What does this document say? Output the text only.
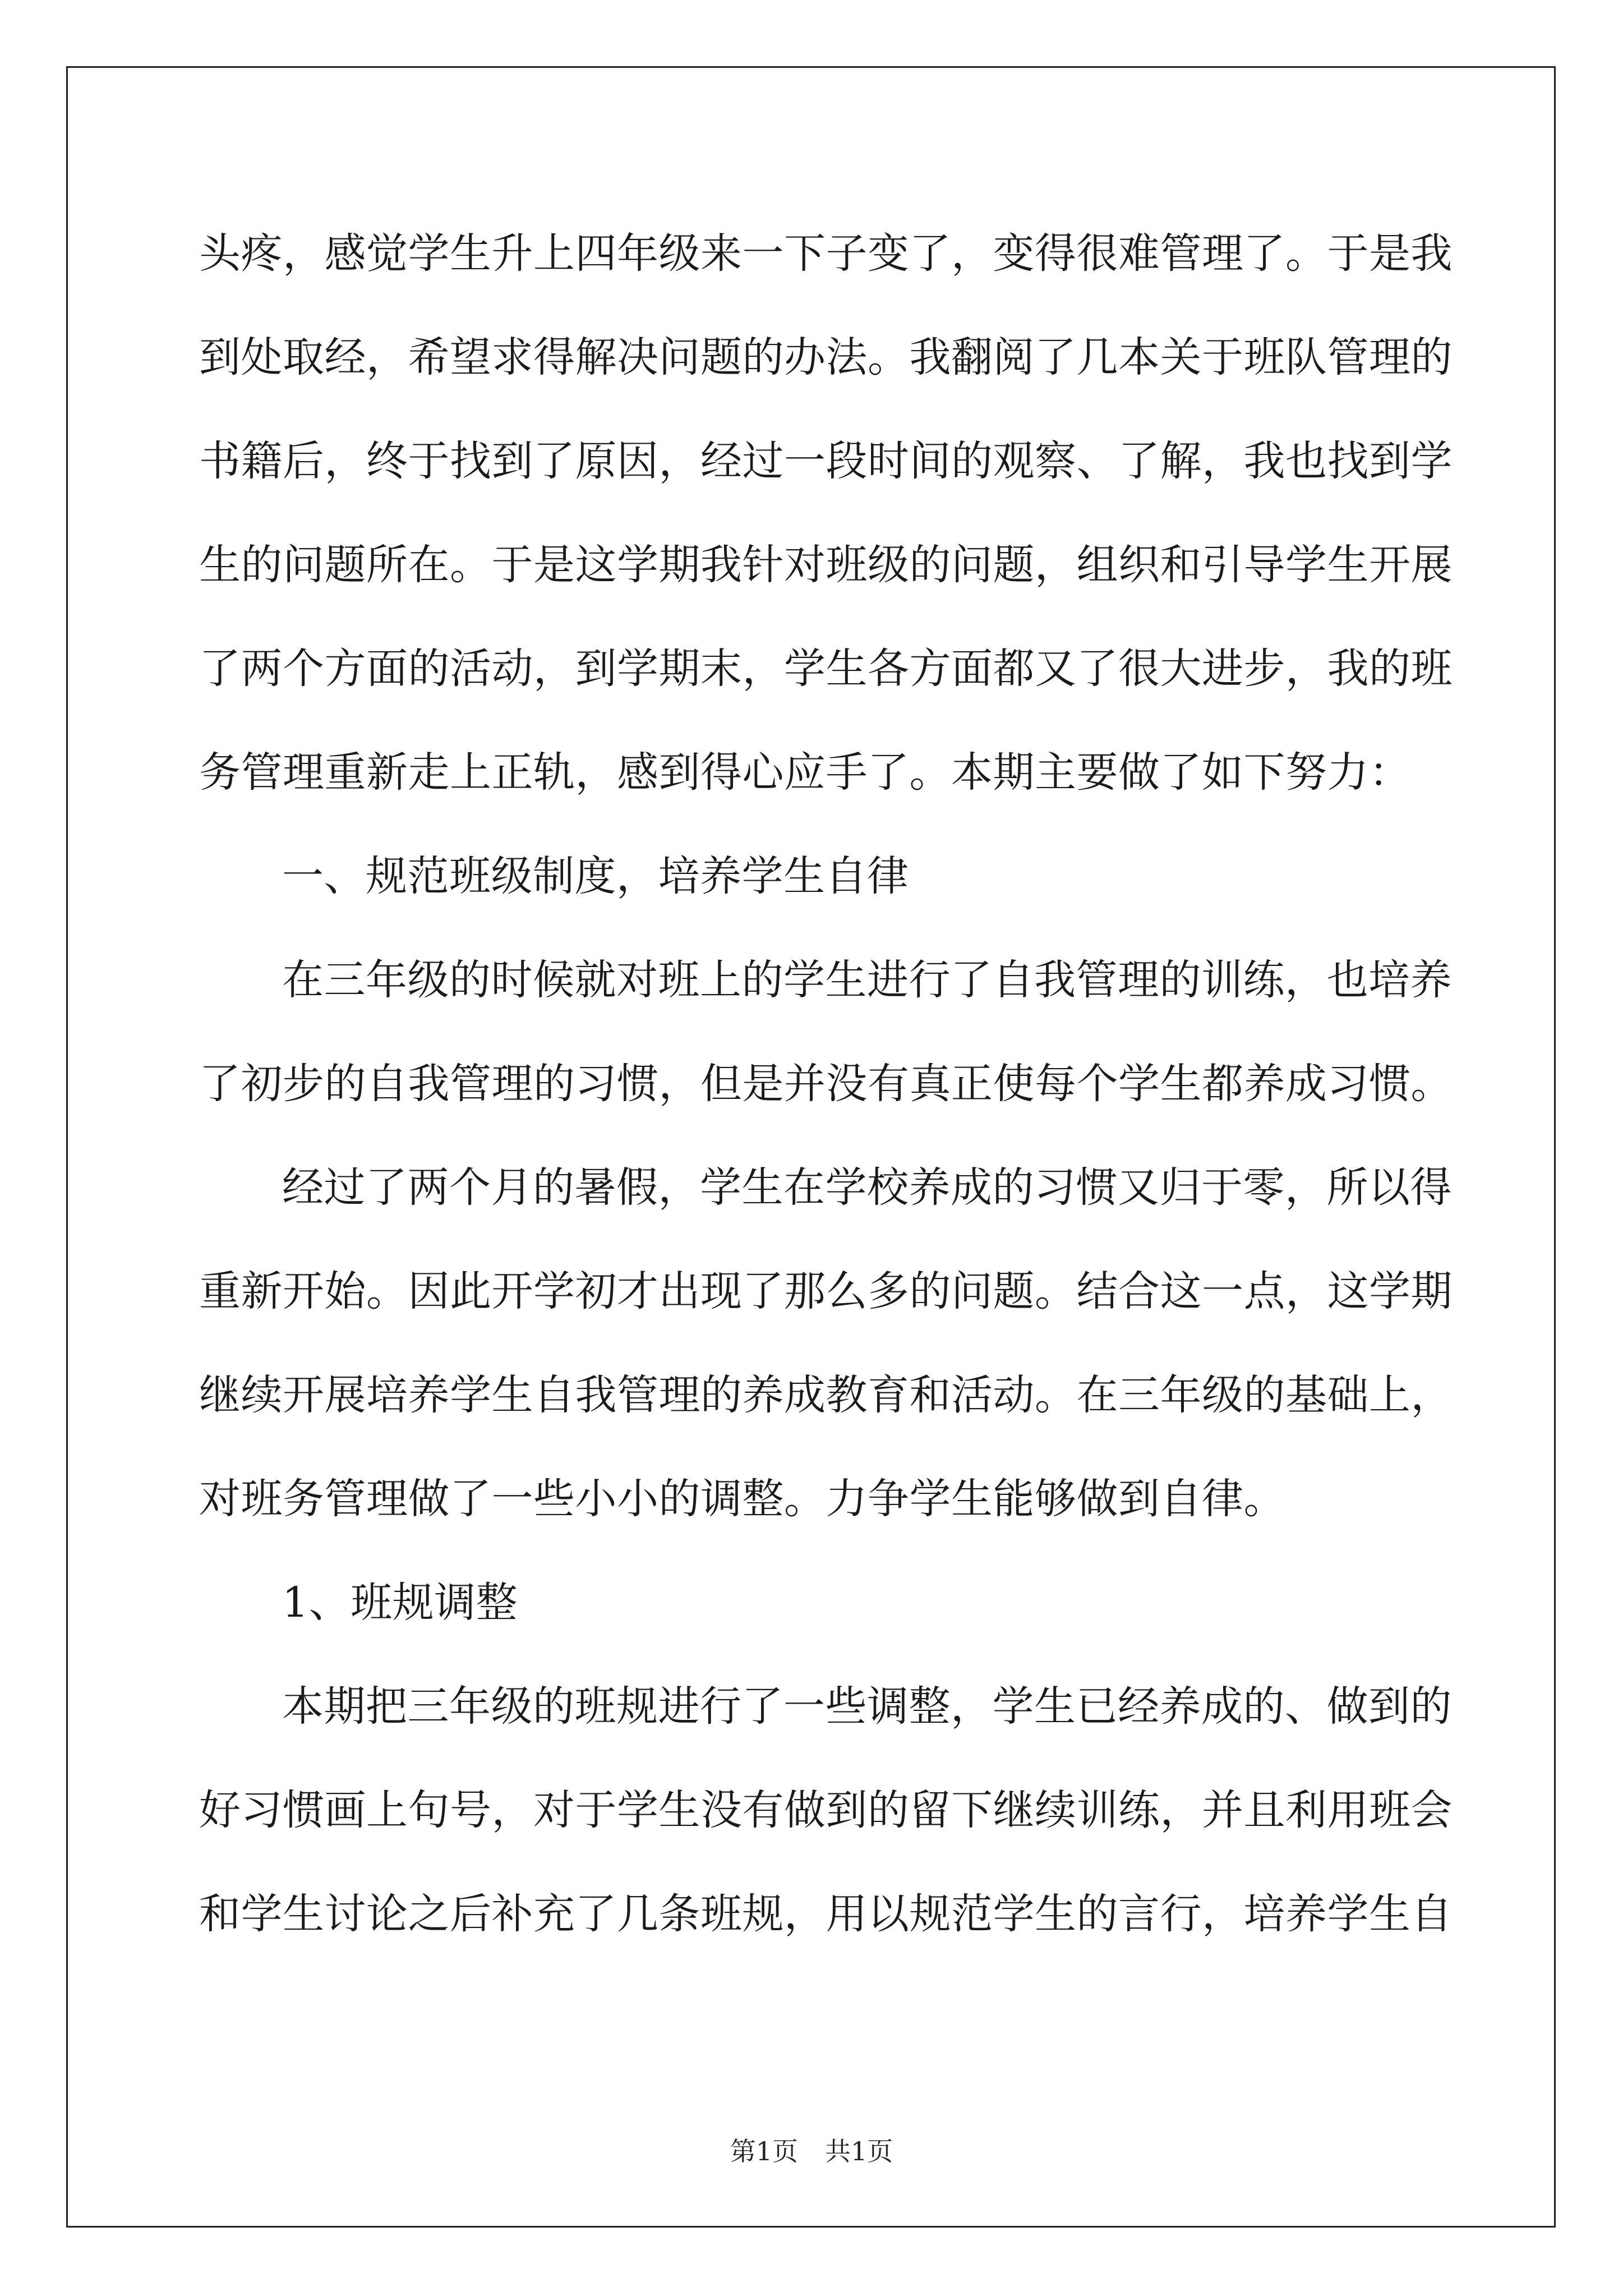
头疼，感觉学生升上四年级来一下子变了，变得很难管理了。于是我
到处取经，希望求得解决问题的办法。我翻阅了几本关于班队管理的
书籍后，终于找到了原因，经过一段时间的观察、了解，我也找到学
生的问题所在。于是这学期我针对班级的问题，组织和引导学生开展
了两个方面的活动，到学期末，学生各方面都又了很大进步，我的班
务管理重新走上正轨，感到得心应手了。本期主要做了如下努力：
一、规范班级制度，培养学生自律
在三年级的时候就对班上的学生进行了自我管理的训练，也培养
了初步的自我管理的习惯，但是并没有真正使每个学生都养成习惯。
经过了两个月的暑假，学生在学校养成的习惯又归于零，所以得
重新开始。因此开学初才出现了那么多的问题。结合这一点，这学期
继续开展培养学生自我管理的养成教育和活动。在三年级的基础上，
对班务管理做了一些小小的调整。力争学生能够做到自律。
1、班规调整
本期把三年级的班规进行了一些调整，学生已经养成的、做到的
好习惯画上句号，对于学生没有做到的留下继续训练，并且利用班会
和学生讨论之后补充了几条班规，用以规范学生的言行，培养学生自
第1页 共1页
